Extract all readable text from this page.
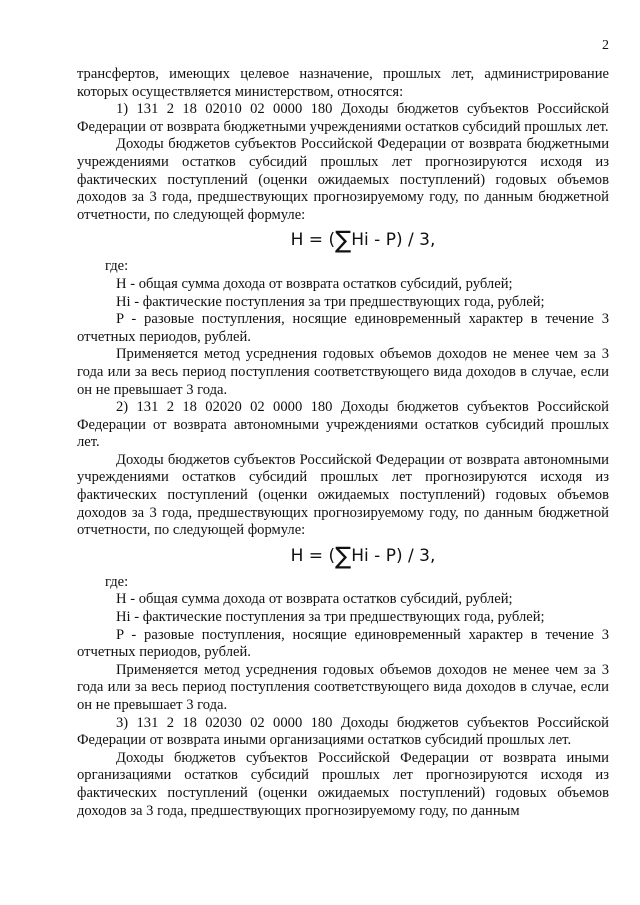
2

трансфертов, имеющих целевое назначение, прошлых лет, администрирование которых осуществляется министерством, относятся:

1) 131 2 18 02010 02 0000 180 Доходы бюджетов субъектов Российской Федерации от возврата бюджетными учреждениями остатков субсидий прошлых лет.

Доходы бюджетов субъектов Российской Федерации от возврата бюджетными учреждениями остатков субсидий прошлых лет прогнозируются исходя из фактических поступлений (оценки ожидаемых поступлений) годовых объемов доходов за 3 года, предшествующих прогнозируемому году, по данным бюджетной отчетности, по следующей формуле:

H = (∑Hi - P) / 3,

где:

H - общая сумма дохода от возврата остатков субсидий, рублей;

Hi - фактические поступления за три предшествующих года, рублей;

P - разовые поступления, носящие единовременный характер в течение 3 отчетных периодов, рублей.

Применяется метод усреднения годовых объемов доходов не менее чем за 3 года или за весь период поступления соответствующего вида доходов в случае, если он не превышает 3 года.

2) 131 2 18 02020 02 0000 180 Доходы бюджетов субъектов Российской Федерации от возврата автономными учреждениями остатков субсидий прошлых лет.

Доходы бюджетов субъектов Российской Федерации от возврата автономными учреждениями остатков субсидий прошлых лет прогнозируются исходя из фактических поступлений (оценки ожидаемых поступлений) годовых объемов доходов за 3 года, предшествующих прогнозируемому году, по данным бюджетной отчетности, по следующей формуле:

H = (∑Hi - P) / 3,

где:

H - общая сумма дохода от возврата остатков субсидий, рублей;

Hi - фактические поступления за три предшествующих года, рублей;

P - разовые поступления, носящие единовременный характер в течение 3 отчетных периодов, рублей.

Применяется метод усреднения годовых объемов доходов не менее чем за 3 года или за весь период поступления соответствующего вида доходов в случае, если он не превышает 3 года.

3) 131 2 18 02030 02 0000 180 Доходы бюджетов субъектов Российской Федерации от возврата иными организациями остатков субсидий прошлых лет.

Доходы бюджетов субъектов Российской Федерации от возврата иными организациями остатков субсидий прошлых лет прогнозируются исходя из фактических поступлений (оценки ожидаемых поступлений) годовых объемов доходов за 3 года, предшествующих прогнозируемому году, по данным
